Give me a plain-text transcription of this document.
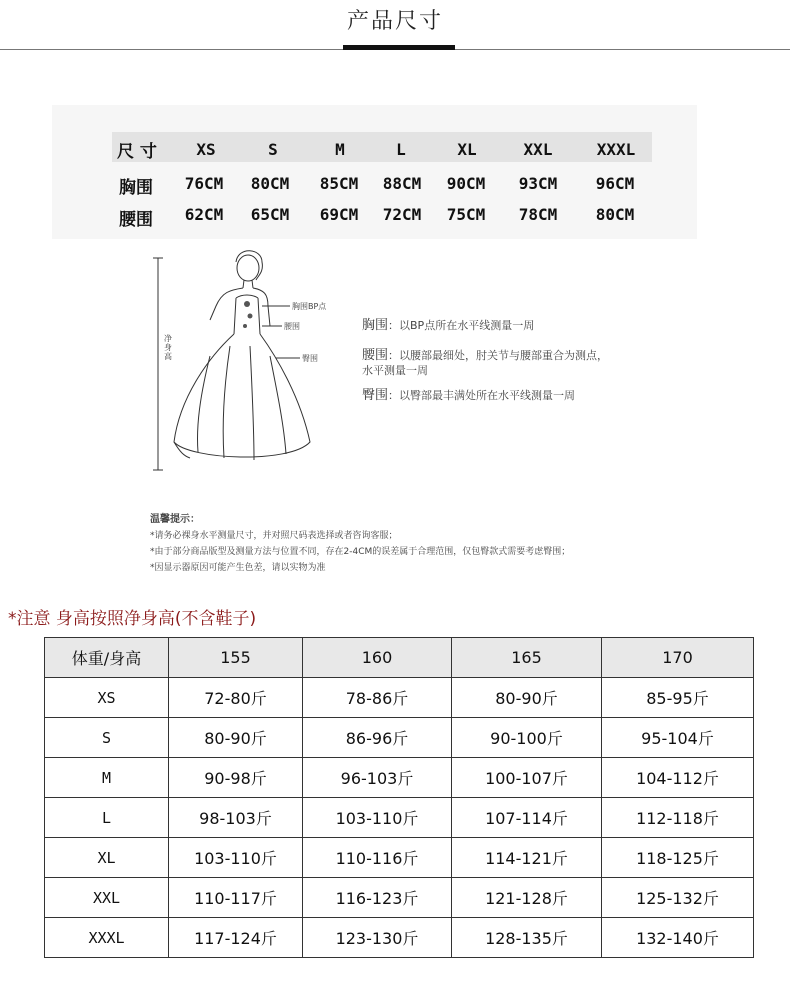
产品尺寸
尺 寸 XS	S	M	L	XL	XXL	XXXL
胸围 76CM 80CM 85CM 88CM 90CM 93CM 96CM
腰围 62CM 65CM 69CM 72CM 75CM 78CM 80CM
净身高
胸围BP点
腰围
臀围
胸围：以BP点所在水平线测量一周
腰围：以腰部最细处，肘关节与腰部重合为测点，水平测量一周
臀围：以臀部最丰满处所在水平线测量一周
温馨提示：
*请务必裸身水平测量尺寸，并对照尺码表选择或者咨询客服；
*由于部分商品版型及测量方法与位置不同，存在2-4CM的误差属于合理范围，仅包臀款式需要考虑臀围；
*因显示器原因可能产生色差，请以实物为准
*注意 身高按照净身高(不含鞋子)
体重/身高	155	160	165	170
XS	72-80斤	78-86斤	80-90斤	85-95斤
S	80-90斤	86-96斤	90-100斤	95-104斤
M	90-98斤	96-103斤	100-107斤	104-112斤
L	98-103斤	103-110斤	107-114斤	112-118斤
XL	103-110斤	110-116斤	114-121斤	118-125斤
XXL	110-117斤	116-123斤	121-128斤	125-132斤
XXXL	117-124斤	123-130斤	128-135斤	132-140斤
